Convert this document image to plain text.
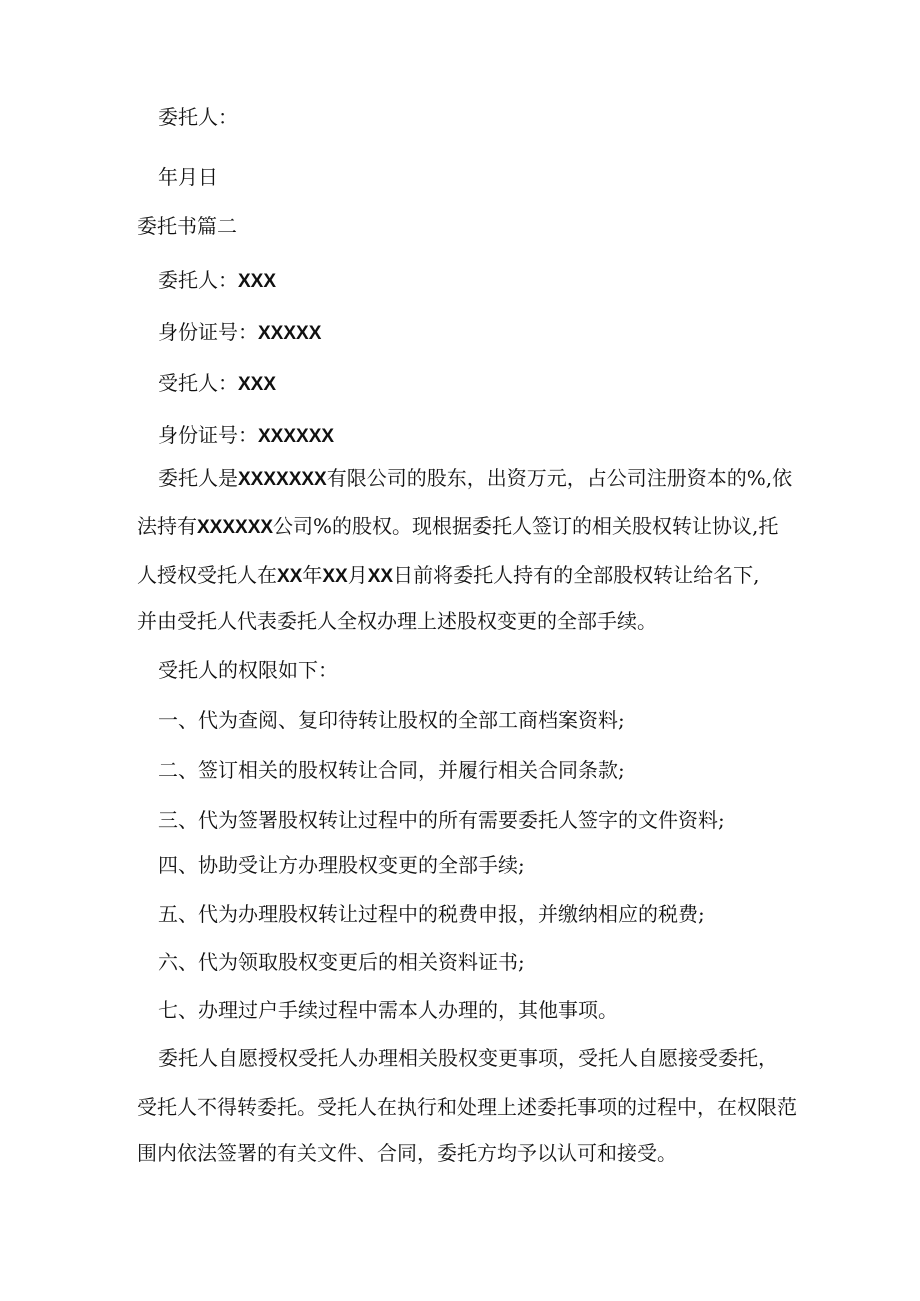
委托人：
年月日
委托书篇二
委托人：XXX
身份证号：XXXXX
受托人：XXX
身份证号：XXXXXX
委托人是XXXXXXX有限公司的股东，出资万元，占公司注册资本的%,依
法持有XXXXXX公司%的股权。现根据委托人签订的相关股权转让协议,托
人授权受托人在XX年XX月XX日前将委托人持有的全部股权转让给名下,
并由受托人代表委托人全权办理上述股权变更的全部手续。
受托人的权限如下：
一、代为查阅、复印待转让股权的全部工商档案资料;
二、签订相关的股权转让合同，并履行相关合同条款;
三、代为签署股权转让过程中的所有需要委托人签字的文件资料;
四、协助受让方办理股权变更的全部手续;
五、代为办理股权转让过程中的税费申报，并缴纳相应的税费;
六、代为领取股权变更后的相关资料证书;
七、办理过户手续过程中需本人办理的，其他事项。
委托人自愿授权受托人办理相关股权变更事项，受托人自愿接受委托，
受托人不得转委托。受托人在执行和处理上述委托事项的过程中，在权限范
围内依法签署的有关文件、合同，委托方均予以认可和接受。
